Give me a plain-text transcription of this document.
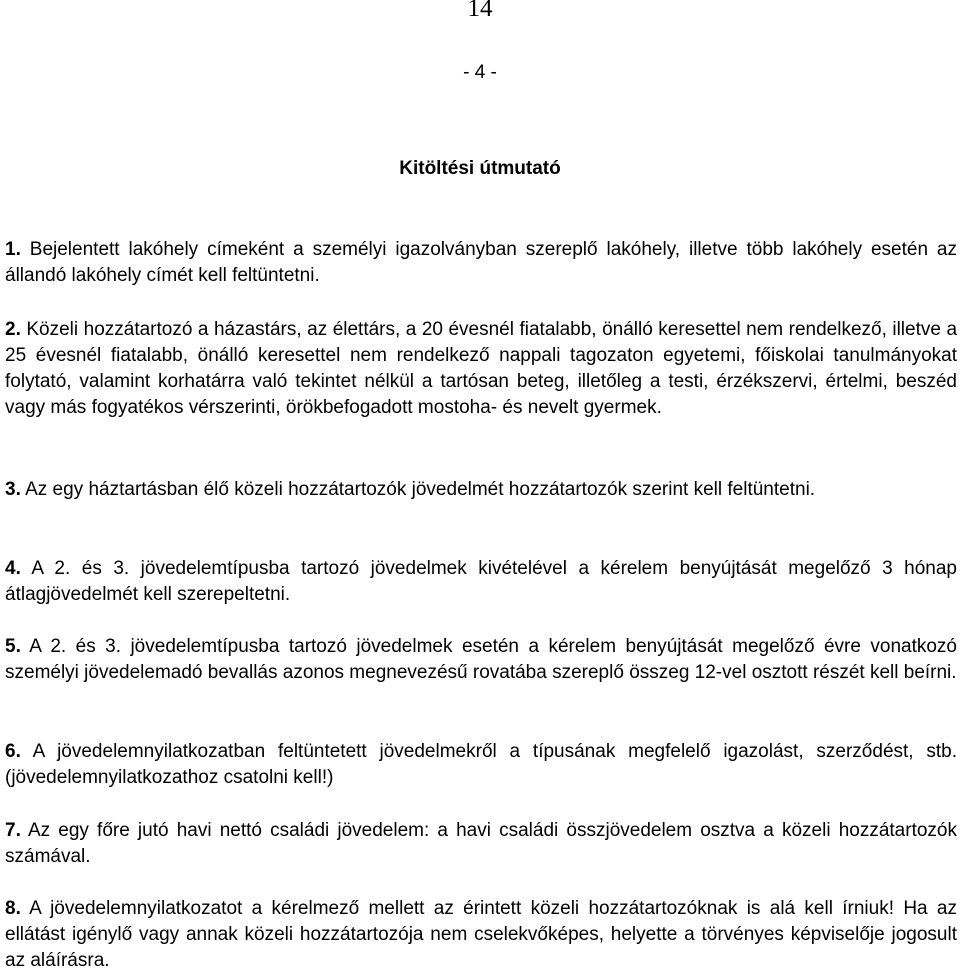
14
- 4 -
Kitöltési útmutató

1. Bejelentett lakóhely címeként a személyi igazolványban szereplő lakóhely, illetve több lakóhely esetén az állandó lakóhely címét kell feltüntetni.

2. Közeli hozzátartozó a házastárs, az élettárs, a 20 évesnél fiatalabb, önálló keresettel nem rendelkező, illetve a 25 évesnél fiatalabb, önálló keresettel nem rendelkező nappali tagozaton egyetemi, főiskolai tanulmányokat folytató, valamint korhatárra való tekintet nélkül a tartósan beteg, illetőleg a testi, érzékszervi, értelmi, beszéd vagy más fogyatékos vérszerinti, örökbefogadott mostoha- és nevelt gyermek.

3. Az egy háztartásban élő közeli hozzátartozók jövedelmét hozzátartozók szerint kell feltüntetni.

4. A 2. és 3. jövedelemtípusba tartozó jövedelmek kivételével a kérelem benyújtását megelőző 3 hónap átlagjövedelmét kell szerepeltetni.

5. A 2. és 3. jövedelemtípusba tartozó jövedelmek esetén a kérelem benyújtását megelőző évre vonatkozó személyi jövedelemadó bevallás azonos megnevezésű rovatába szereplő összeg 12-vel osztott részét kell beírni.

6. A jövedelemnyilatkozatban feltüntetett jövedelmekről a típusának megfelelő igazolást, szerződést, stb. (jövedelemnyilatkozathoz csatolni kell!)

7. Az egy főre jutó havi nettó családi jövedelem: a havi családi összjövedelem osztva a közeli hozzátartozók számával.

8. A jövedelemnyilatkozatot a kérelmező mellett az érintett közeli hozzátartozóknak is alá kell írniuk! Ha az ellátást igénylő vagy annak közeli hozzátartozója nem cselekvőképes, helyette a törvényes képviselője jogosult az aláírásra.
